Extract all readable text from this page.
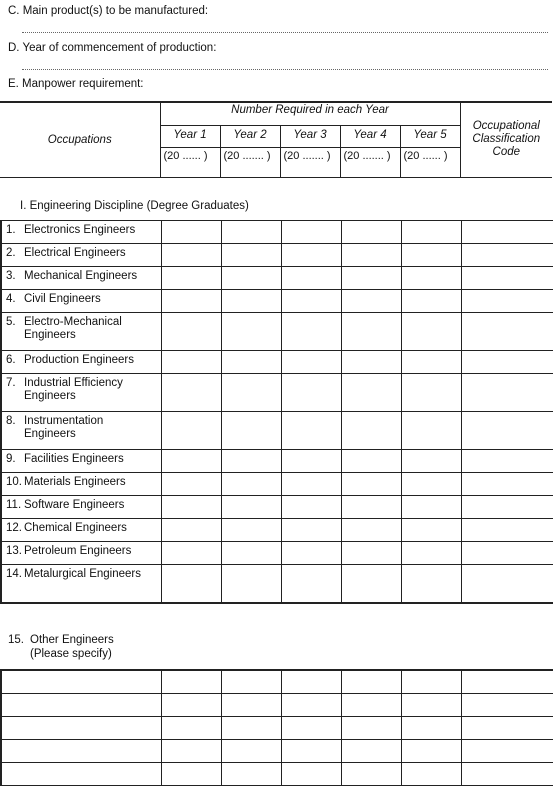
C. Main product(s) to be manufactured:
D. Year of commencement of production:
E. Manpower requirement:
Occupations	Number Required in each Year					Occupational
Classification
Code

	Year 1	Year 2	Year 3	Year 4	Year 5	
	(20 ...... )	(20 ....... )	(20 ....... )	(20 ....... )	(20 ...... )	
I. Engineering Discipline (Degree Graduates)
1. Electronics Engineers						
2. Electrical Engineers						
3. Mechanical Engineers						
4. Civil Engineers						
5. Electro-Mechanical Engineers						
6. Production Engineers						
7. Industrial Efficiency Engineers						
8. Instrumentation Engineers						
9. Facilities Engineers						
10. Materials Engineers						
11. Software Engineers						
12. Chemical Engineers						
13. Petroleum Engineers						
14. Metalurgical Engineers						
15. Other Engineers
(Please specify)
